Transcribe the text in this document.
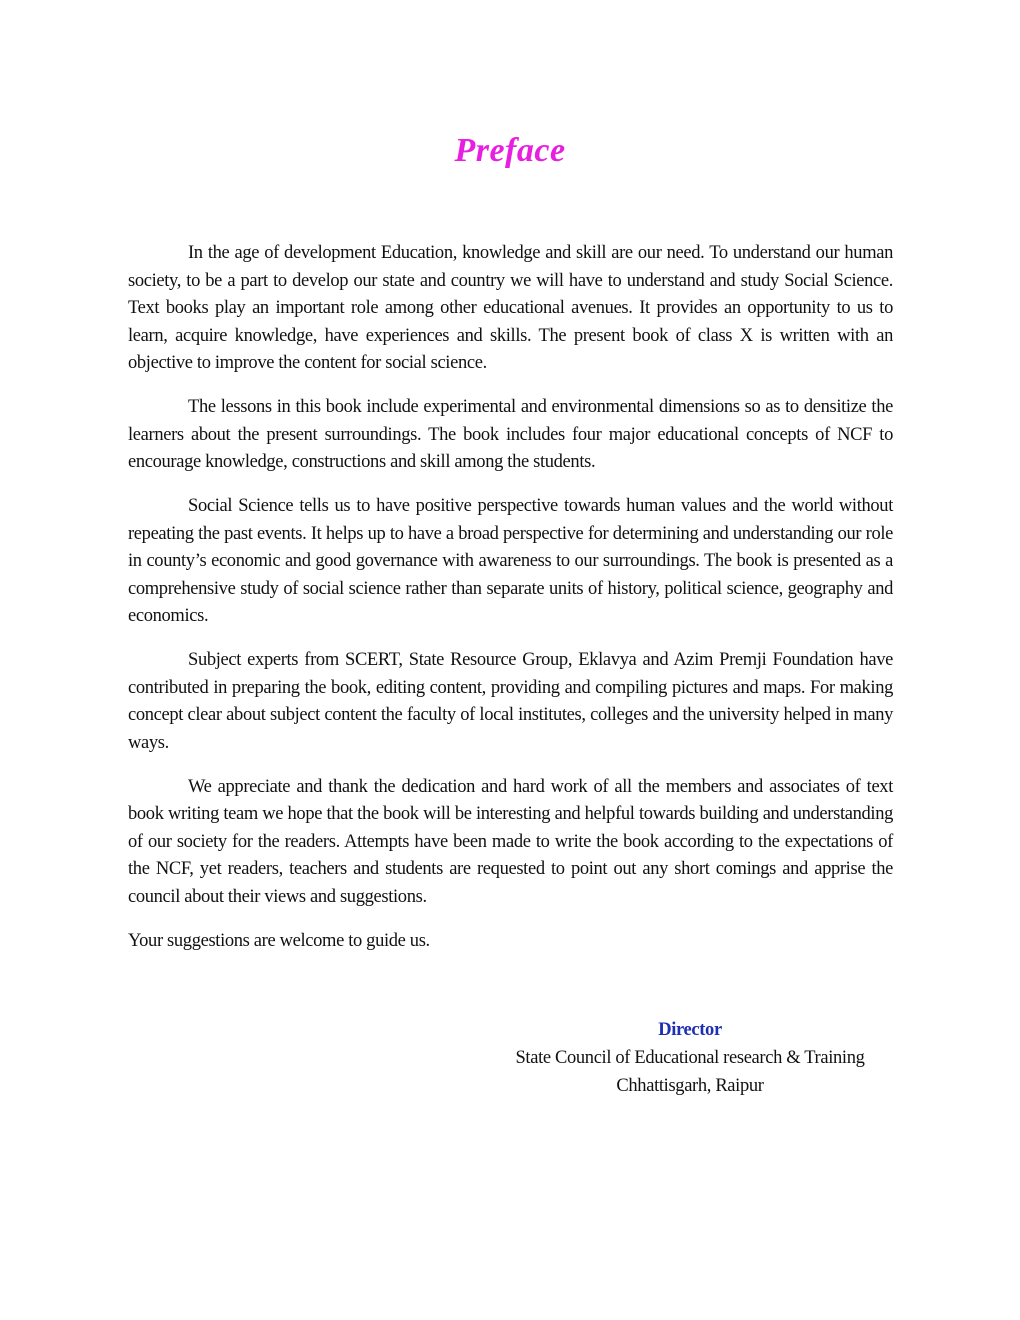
Preface

In the age of development Education, knowledge and skill are our need. To understand our human society, to be a part to develop our state and country we will have to understand and study Social Science. Text books play an important role among other educational avenues. It provides an opportunity to us to learn, acquire knowledge, have experiences and skills. The present book of class X is written with an objective to improve the content for social science.

The lessons in this book include experimental and environmental dimensions so as to densitize the learners about the present surroundings. The book includes four major educational concepts of NCF to encourage knowledge, constructions and skill among the students.

Social Science tells us to have positive perspective towards human values and the world without repeating the past events. It helps up to have a broad perspective for determining and understanding our role in county’s economic and good governance with awareness to our surroundings. The book is presented as a comprehensive study of social science rather than separate units of history, political science, geography and economics.

Subject experts from SCERT, State Resource Group, Eklavya and Azim Premji Foundation have contributed in preparing the book, editing content, providing and compiling pictures and maps. For making concept clear about subject content the faculty of local institutes, colleges and the university helped in many ways.

We appreciate and thank the dedication and hard work of all the members and associates of text book writing team we hope that the book will be interesting and helpful towards building and understanding of our society for the readers. Attempts have been made to write the book according to the expectations of the NCF, yet readers, teachers and students are requested to point out any short comings and apprise the council about their views and suggestions.

Your suggestions are welcome to guide us.

Director
State Council of Educational research & Training
Chhattisgarh, Raipur
